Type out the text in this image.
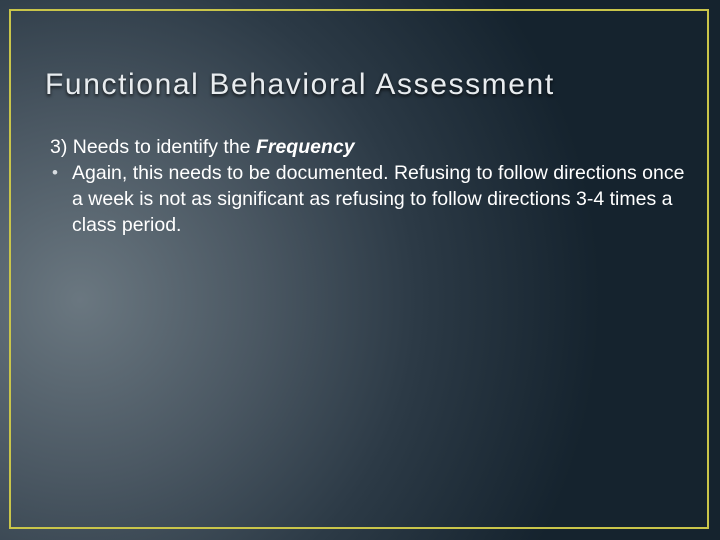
Functional Behavioral Assessment

3) Needs to identify the Frequency

• Again, this needs to be documented. Refusing to follow directions once a week is not as significant as refusing to follow directions 3-4 times a class period.
